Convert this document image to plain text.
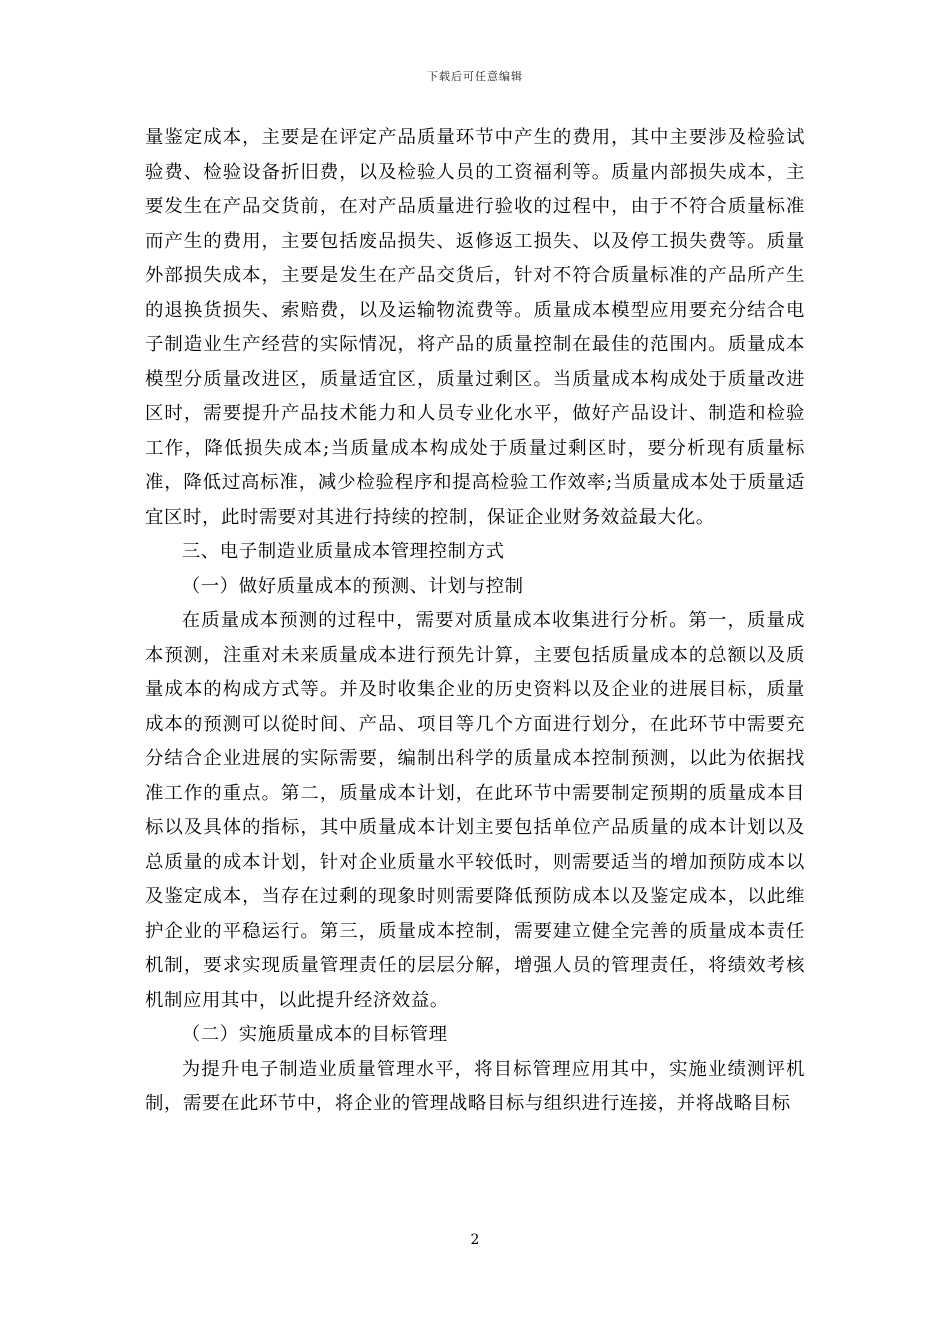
下载后可任意编辑

量鉴定成本，主要是在评定产品质量环节中产生的费用，其中主要涉及检验试验费、检验设备折旧费，以及检验人员的工资福利等。质量内部损失成本，主要发生在产品交货前，在对产品质量进行验收的过程中，由于不符合质量标准而产生的费用，主要包括废品损失、返修返工损失、以及停工损失费等。质量外部损失成本，主要是发生在产品交货后，针对不符合质量标准的产品所产生的退换货损失、索赔费，以及运输物流费等。质量成本模型应用要充分结合电子制造业生产经营的实际情况，将产品的质量控制在最佳的范围内。质量成本模型分质量改进区，质量适宜区，质量过剩区。当质量成本构成处于质量改进区时，需要提升产品技术能力和人员专业化水平，做好产品设计、制造和检验工作，降低损失成本;当质量成本构成处于质量过剩区时，要分析现有质量标准，降低过高标准，减少检验程序和提高检验工作效率;当质量成本处于质量适宜区时，此时需要对其进行持续的控制，保证企业财务效益最大化。

三、电子制造业质量成本管理控制方式

（一）做好质量成本的预测、计划与控制

在质量成本预测的过程中，需要对质量成本收集进行分析。第一，质量成本预测，注重对未来质量成本进行预先计算，主要包括质量成本的总额以及质量成本的构成方式等。并及时收集企业的历史资料以及企业的进展目标，质量成本的预测可以從时间、产品、项目等几个方面进行划分，在此环节中需要充分结合企业进展的实际需要，编制出科学的质量成本控制预测，以此为依据找准工作的重点。第二，质量成本计划，在此环节中需要制定预期的质量成本目标以及具体的指标，其中质量成本计划主要包括单位产品质量的成本计划以及总质量的成本计划，针对企业质量水平较低时，则需要适当的增加预防成本以及鉴定成本，当存在过剩的现象时则需要降低预防成本以及鉴定成本，以此维护企业的平稳运行。第三，质量成本控制，需要建立健全完善的质量成本责任机制，要求实现质量管理责任的层层分解，增强人员的管理责任，将绩效考核机制应用其中，以此提升经济效益。

（二）实施质量成本的目标管理

为提升电子制造业质量管理水平，将目标管理应用其中，实施业绩测评机制，需要在此环节中，将企业的管理战略目标与组织进行连接，并将战略目标

2
